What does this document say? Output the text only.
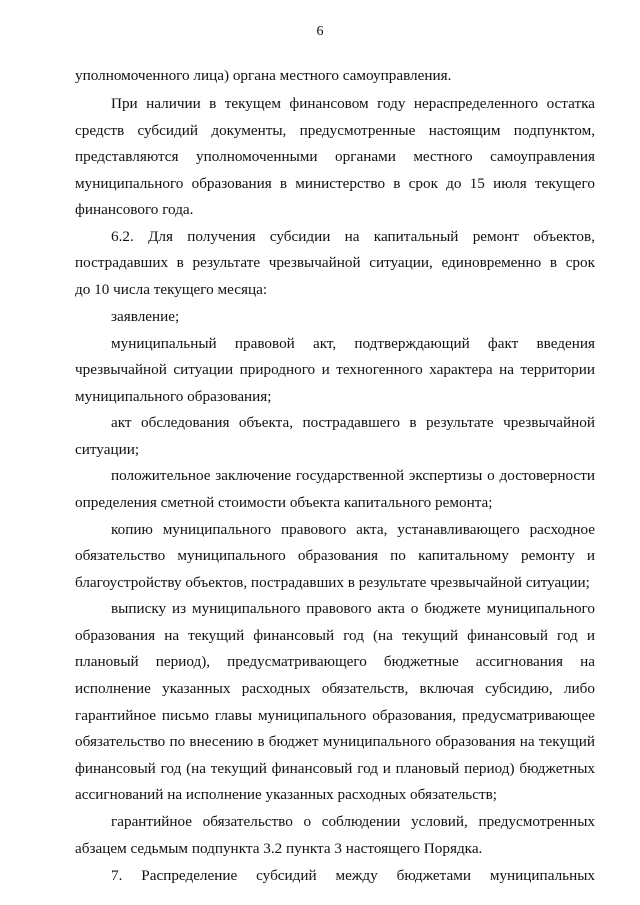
6
уполномоченного лица) органа местного самоуправления.
При наличии в текущем финансовом году нераспределенного остатка
средств субсидий документы, предусмотренные настоящим подпунктом,
представляются уполномоченными органами местного самоуправления
муниципального образования в министерство в срок до 15 июля текущего
финансового года.
6.2. Для получения субсидии на капитальный ремонт объектов,
пострадавших в результате чрезвычайной ситуации, единовременно в срок
до 10 числа текущего месяца:
заявление;
муниципальный правовой акт, подтверждающий факт введения
чрезвычайной ситуации природного и техногенного характера на территории
муниципального образования;
акт обследования объекта, пострадавшего в результате чрезвычайной
ситуации;
положительное заключение государственной экспертизы о достоверности
определения сметной стоимости объекта капитального ремонта;
копию муниципального правового акта, устанавливающего расходное
обязательство муниципального образования по капитальному ремонту и
благоустройству объектов, пострадавших в результате чрезвычайной ситуации;
выписку из муниципального правового акта о бюджете муниципального
образования на текущий финансовый год (на текущий финансовый год и
плановый период), предусматривающего бюджетные ассигнования на
исполнение указанных расходных обязательств, включая субсидию, либо
гарантийное письмо главы муниципального образования, предусматривающее
обязательство по внесению в бюджет муниципального образования на текущий
финансовый год (на текущий финансовый год и плановый период) бюджетных
ассигнований на исполнение указанных расходных обязательств;
гарантийное обязательство о соблюдении условий, предусмотренных
абзацем седьмым подпункта 3.2 пункта 3 настоящего Порядка.
7. Распределение субсидий между бюджетами муниципальных
